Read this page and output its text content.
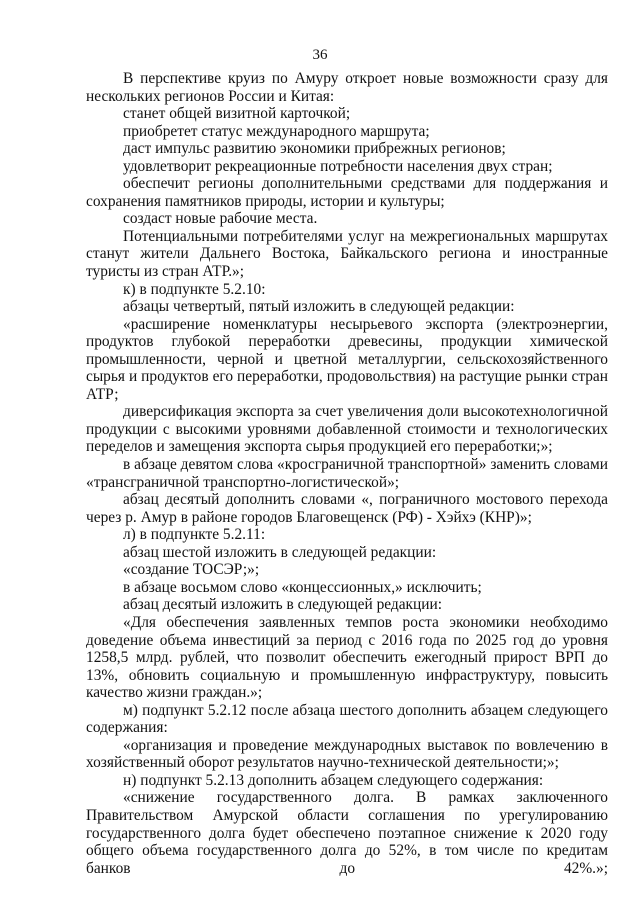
36

В перспективе круиз по Амуру откроет новые возможности сразу для нескольких регионов России и Китая:

станет общей визитной карточкой;

приобретет статус международного маршрута;

даст импульс развитию экономики прибрежных регионов;

удовлетворит рекреационные потребности населения двух стран;

обеспечит регионы дополнительными средствами для поддержания и сохранения памятников природы, истории и культуры;

создаст новые рабочие места.

Потенциальными потребителями услуг на межрегиональных маршрутах станут жители Дальнего Востока, Байкальского региона и иностранные туристы из стран АТР.»;

к) в подпункте 5.2.10:

абзацы четвертый, пятый изложить в следующей редакции:

«расширение номенклатуры несырьевого экспорта (электроэнергии, продуктов глубокой переработки древесины, продукции химической промышленности, черной и цветной металлургии, сельскохозяйственного сырья и продуктов его переработки, продовольствия) на растущие рынки стран АТР;

диверсификация экспорта за счет увеличения доли высокотехнологичной продукции с высокими уровнями добавленной стоимости и технологических переделов и замещения экспорта сырья продукцией его переработки;»;

в абзаце девятом слова «кросграничной транспортной» заменить словами «трансграничной транспортно-логистической»;

абзац десятый дополнить словами «, пограничного мостового перехода через р. Амур в районе городов Благовещенск (РФ) - Хэйхэ (КНР)»;

л) в подпункте 5.2.11:

абзац шестой изложить в следующей редакции:

«создание ТОСЭР;»;

в абзаце восьмом слово «концессионных,» исключить;

абзац десятый изложить в следующей редакции:

«Для обеспечения заявленных темпов роста экономики необходимо доведение объема инвестиций за период с 2016 года по 2025 год до уровня 1258,5 млрд. рублей, что позволит обеспечить ежегодный прирост ВРП до 13%, обновить социальную и промышленную инфраструктуру, повысить качество жизни граждан.»;

м) подпункт 5.2.12 после абзаца шестого дополнить абзацем следующего содержания:

«организация и проведение международных выставок по вовлечению в хозяйственный оборот результатов научно-технической деятельности;»;

н) подпункт 5.2.13 дополнить абзацем следующего содержания:

«снижение государственного долга. В рамках заключенного Правительством Амурской области соглашения по урегулированию государственного долга будет обеспечено поэтапное снижение к 2020 году общего объема государственного долга до 52%, в том числе по кредитам банков до 42%.»;
